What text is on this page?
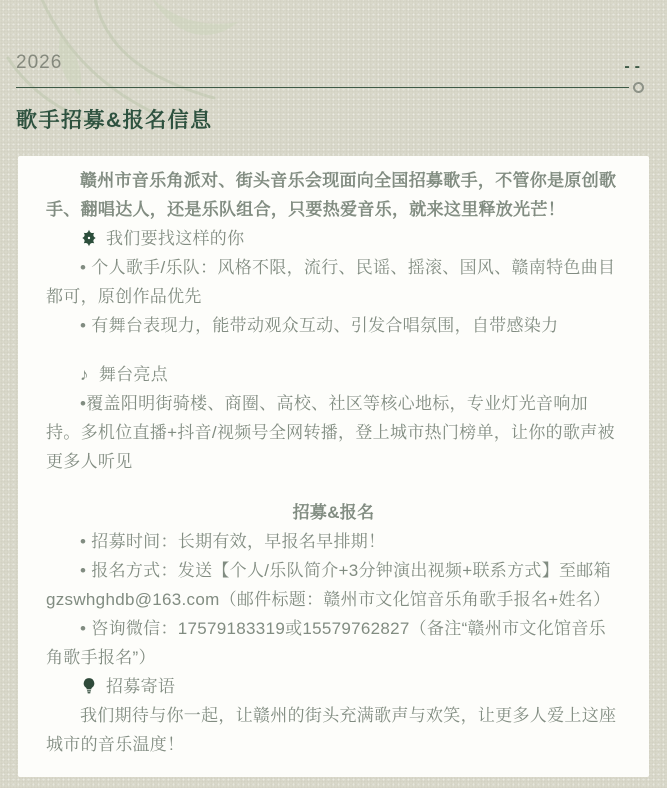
2026	--
歌手招募&报名信息

赣州市音乐角派对、街头音乐会现面向全国招募歌手，不管你是原创歌手、翻唱达人，还是乐队组合，只要热爱音乐，就来这里释放光芒！

我们要找这样的你

• 个人歌手/乐队：风格不限，流行、民谣、摇滚、国风、赣南特色曲目都可，原创作品优先

• 有舞台表现力，能带动观众互动、引发合唱氛围，自带感染力

♪ 舞台亮点

•覆盖阳明街骑楼、商圈、高校、社区等核心地标，专业灯光音响加持。多机位直播+抖音/视频号全网转播，登上城市热门榜单，让你的歌声被更多人听见

招募&报名

• 招募时间：长期有效，早报名早排期！

• 报名方式：发送【个人/乐队简介+3分钟演出视频+联系方式】至邮箱gzswhghdb@163.com（邮件标题：赣州市文化馆音乐角歌手报名+姓名）

• 咨询微信：17579183319或15579762827（备注“赣州市文化馆音乐角歌手报名”）

招募寄语

我们期待与你一起，让赣州的街头充满歌声与欢笑，让更多人爱上这座城市的音乐温度！
